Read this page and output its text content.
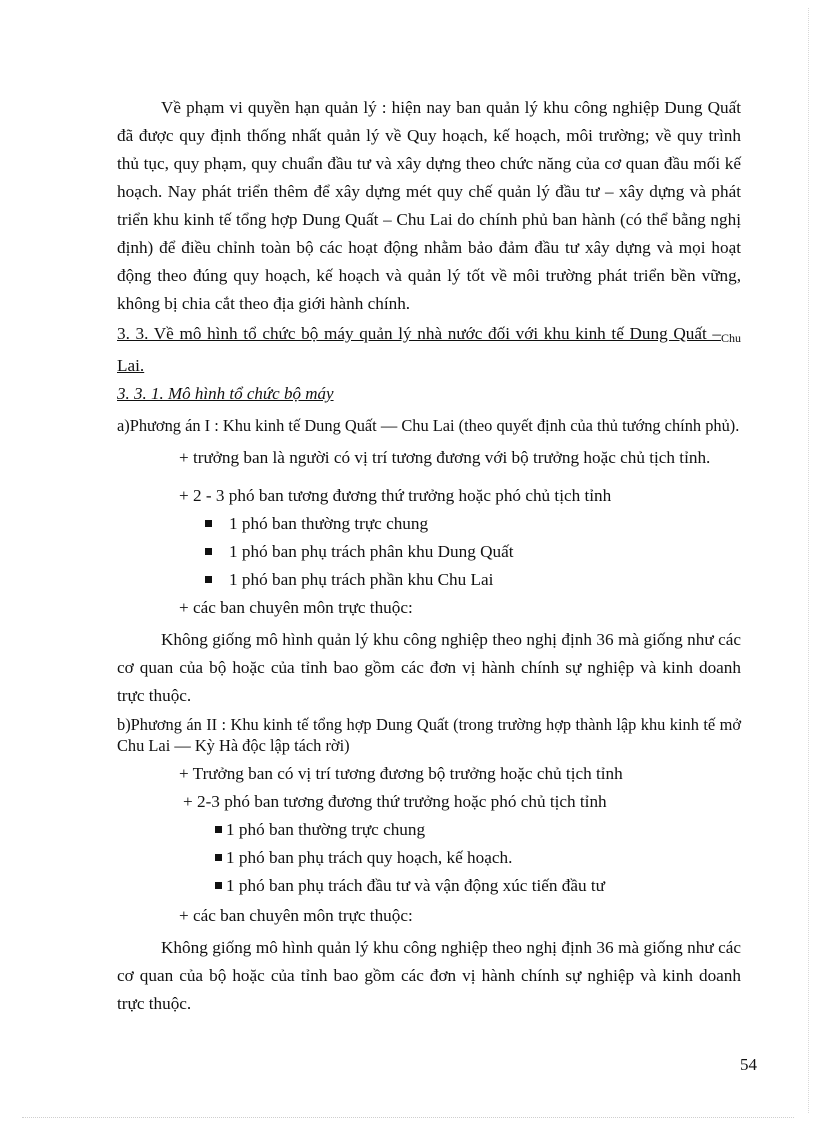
Về phạm vi quyền hạn quản lý : hiện nay ban quản lý khu công nghiệp Dung Quất đã được quy định thống nhất quản lý về Quy hoạch, kế hoạch, môi trường; về quy trình thủ tục, quy phạm, quy chuẩn đầu tư và xây dựng theo chức năng của cơ quan đầu mối kế hoạch. Nay phát triển thêm để xây dựng mét quy chế quản lý đầu tư – xây dựng và phát triển khu kinh tế tổng hợp Dung Quất – Chu Lai do chính phủ ban hành (có thể bằng nghị định) để điều chỉnh toàn bộ các hoạt động nhằm bảo đảm đầu tư xây dựng và mọi hoạt động theo đúng quy hoạch, kế hoạch và quản lý tốt về môi trường phát triển bền vững, không bị chia cắt theo địa giới hành chính.

3. 3. Về mô hình tổ chức bộ máy quản lý nhà nước đối với khu kinh tế Dung Quất –Chu Lai.

3. 3. 1. Mô hình tổ chức bộ máy

a)Phương án I : Khu kinh tế Dung Quất — Chu Lai (theo quyết định của thủ tướng chính phủ).

+ trưởng ban là người có vị trí tương đương với bộ trưởng hoặc chủ tịch tỉnh.

+ 2 - 3 phó ban tương đương thứ trưởng hoặc phó chủ tịch tỉnh

1 phó ban thường trực chung

1 phó ban phụ trách phân khu Dung Quất

1 phó ban phụ trách phần khu Chu Lai

+ các ban chuyên môn trực thuộc:

Không giống mô hình quản lý khu công nghiệp theo nghị định 36 mà giống như các cơ quan của bộ hoặc của tỉnh bao gồm các đơn vị hành chính sự nghiệp và kinh doanh trực thuộc.

b)Phương án II : Khu kinh tế tổng hợp Dung Quất (trong trường hợp thành lập khu kinh tế mở Chu Lai — Kỳ Hà độc lập tách rời)

+ Trưởng ban có vị trí tương đương bộ trưởng hoặc chủ tịch tỉnh

+ 2-3 phó ban tương đương thứ trưởng hoặc phó chủ tịch tỉnh

1 phó ban thường trực chung

1 phó ban phụ trách quy hoạch, kế hoạch.

1 phó ban phụ trách đầu tư và vận động xúc tiến đầu tư

+ các ban chuyên môn trực thuộc:

Không giống mô hình quản lý khu công nghiệp theo nghị định 36 mà giống như các cơ quan của bộ hoặc của tỉnh bao gồm các đơn vị hành chính sự nghiệp và kinh doanh trực thuộc.

54
